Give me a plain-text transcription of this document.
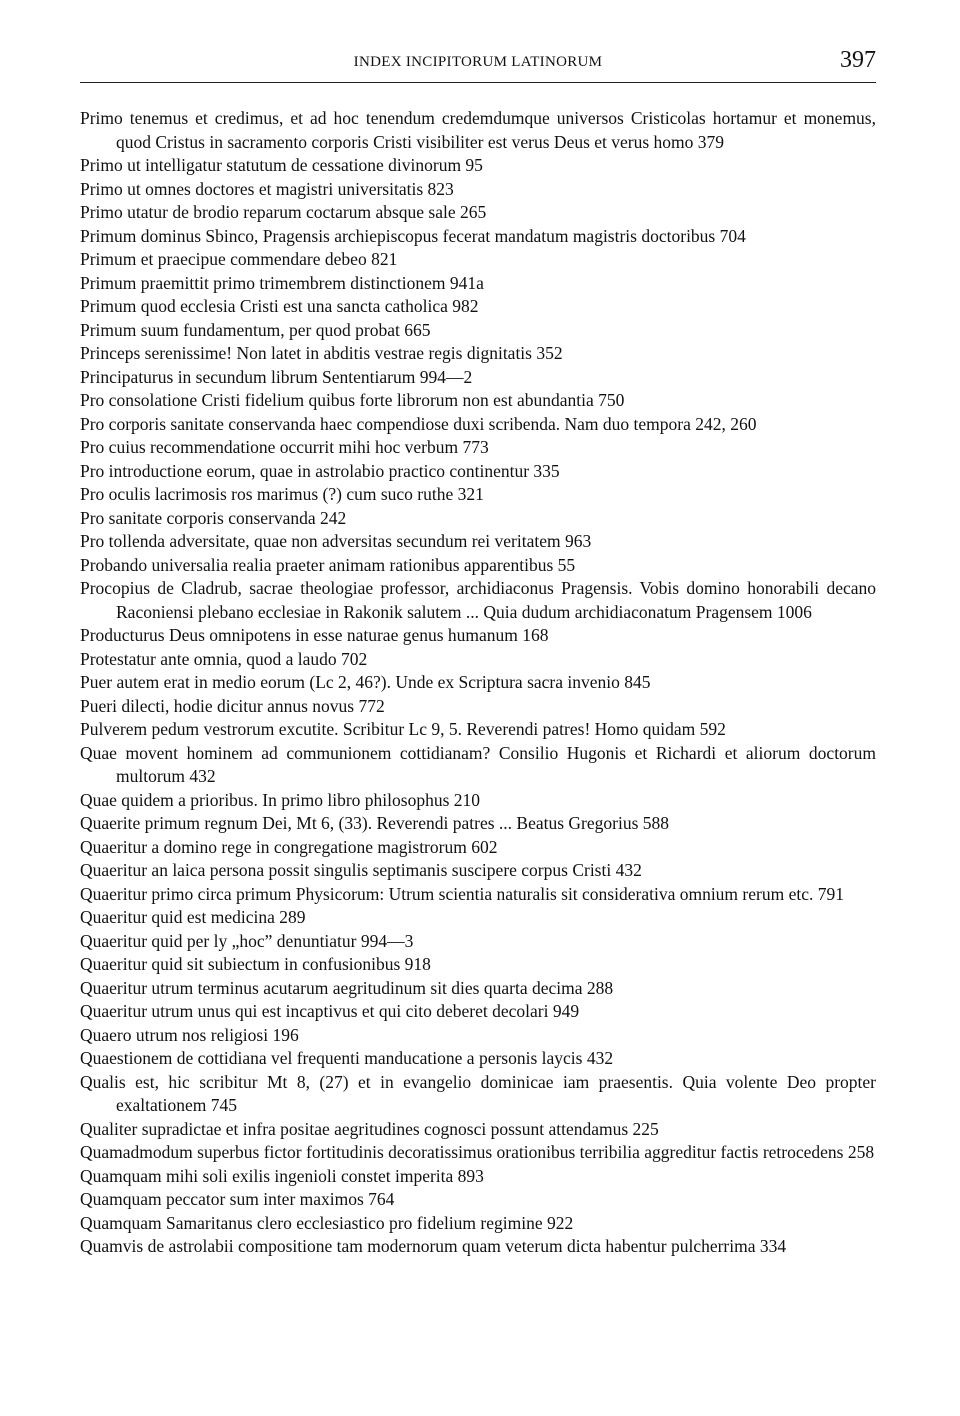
INDEX INCIPITORUM LATINORUM	397
Primo tenemus et credimus, et ad hoc tenendum credemdumque universos Cristicolas hortamur et monemus, quod Cristus in sacramento corporis Cristi visibiliter est verus Deus et verus homo 379
Primo ut intelligatur statutum de cessatione divinorum 95
Primo ut omnes doctores et magistri universitatis 823
Primo utatur de brodio reparum coctarum absque sale 265
Primum dominus Sbinco, Pragensis archiepiscopus fecerat mandatum magistris doctoribus 704
Primum et praecipue commendare debeo 821
Primum praemittit primo trimembrem distinctionem 941a
Primum quod ecclesia Cristi est una sancta catholica 982
Primum suum fundamentum, per quod probat 665
Princeps serenissime! Non latet in abditis vestrae regis dignitatis 352
Principaturus in secundum librum Sententiarum 994—2
Pro consolatione Cristi fidelium quibus forte librorum non est abundantia 750
Pro corporis sanitate conservanda haec compendiose duxi scribenda. Nam duo tempora 242, 260
Pro cuius recommendatione occurrit mihi hoc verbum 773
Pro introductione eorum, quae in astrolabio practico continentur 335
Pro oculis lacrimosis ros marimus (?) cum suco ruthe 321
Pro sanitate corporis conservanda 242
Pro tollenda adversitate, quae non adversitas secundum rei veritatem 963
Probando universalia realia praeter animam rationibus apparentibus 55
Procopius de Cladrub, sacrae theologiae professor, archidiaconus Pragensis. Vobis domino honorabili decano Raconiensi plebano ecclesiae in Rakonik salutem ... Quia dudum archidiaconatum Pragensem 1006
Producturus Deus omnipotens in esse naturae genus humanum 168
Protestatur ante omnia, quod a laudo 702
Puer autem erat in medio eorum (Lc 2, 46?). Unde ex Scriptura sacra invenio 845
Pueri dilecti, hodie dicitur annus novus 772
Pulverem pedum vestrorum excutite. Scribitur Lc 9, 5. Reverendi patres! Homo quidam 592
Quae movent hominem ad communionem cottidianam? Consilio Hugonis et Richardi et aliorum doctorum multorum 432
Quae quidem a prioribus. In primo libro philosophus 210
Quaerite primum regnum Dei, Mt 6, (33). Reverendi patres ... Beatus Gregorius 588
Quaeritur a domino rege in congregatione magistrorum 602
Quaeritur an laica persona possit singulis septimanis suscipere corpus Cristi 432
Quaeritur primo circa primum Physicorum: Utrum scientia naturalis sit considerativa omnium rerum etc. 791
Quaeritur quid est medicina 289
Quaeritur quid per ly „hoc” denuntiatur 994—3
Quaeritur quid sit subiectum in confusionibus 918
Quaeritur utrum terminus acutarum aegritudinum sit dies quarta decima 288
Quaeritur utrum unus qui est incaptivus et qui cito deberet decolari 949
Quaero utrum nos religiosi 196
Quaestionem de cottidiana vel frequenti manducatione a personis laycis 432
Qualis est, hic scribitur Mt 8, (27) et in evangelio dominicae iam praesentis. Quia volente Deo propter exaltationem 745
Qualiter supradictae et infra positae aegritudines cognosci possunt attendamus 225
Quamadmodum superbus fictor fortitudinis decoratissimus orationibus terribilia aggreditur factis retrocedens 258
Quamquam mihi soli exilis ingenioli constet imperita 893
Quamquam peccator sum inter maximos 764
Quamquam Samaritanus clero ecclesiastico pro fidelium regimine 922
Quamvis de astrolabii compositione tam modernorum quam veterum dicta habentur pulcherrima 334
